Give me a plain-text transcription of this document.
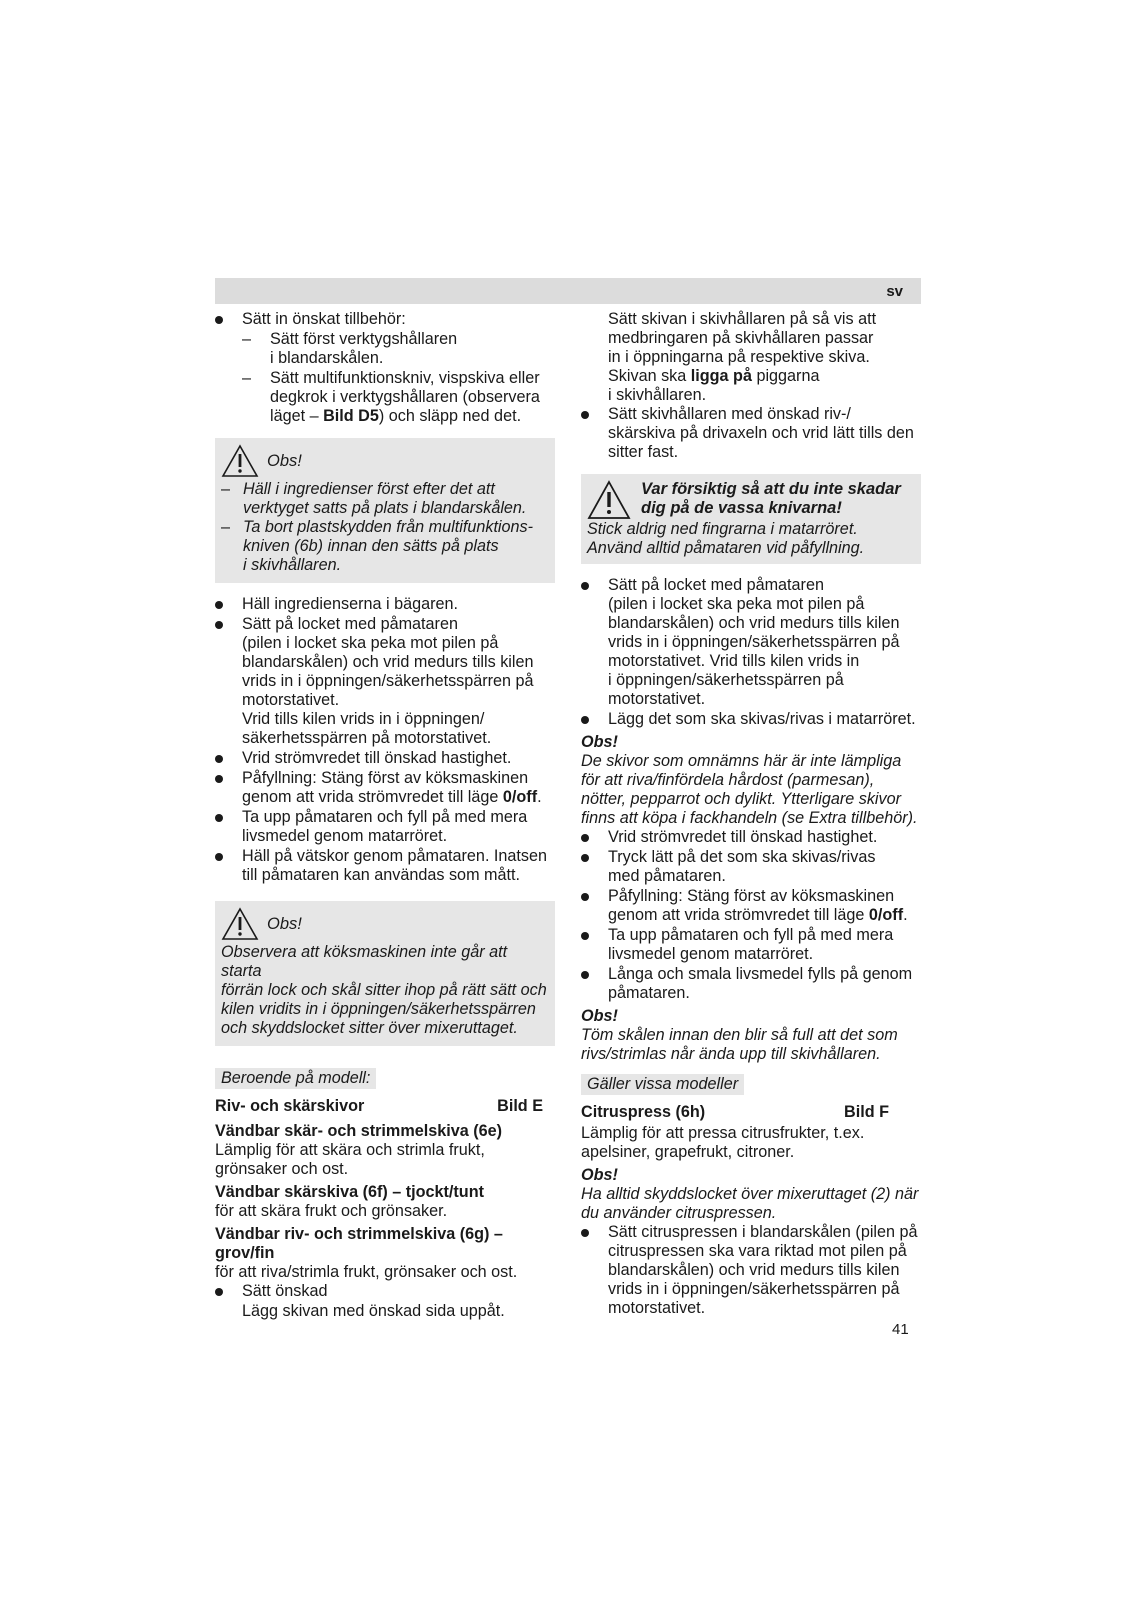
sv
Sätt in önskat tillbehör:
–	Sätt först verktygshållaren
i blandarskålen.
–	Sätt multifunktionskniv, vispskiva eller
degkrok i verktygshållaren (observera
läget – Bild D5) och släpp ned det.
Obs!
– Häll i ingredienser först efter det att
verktyget satts på plats i blandarskålen.
– Ta bort plastskydden från multifunktions-
kniven (6b) innan den sätts på plats
i skivhållaren.
Häll ingredienserna i bägaren.
Sätt på locket med påmataren
(pilen i locket ska peka mot pilen på
blandarskålen) och vrid medurs tills kilen
vrids in i öppningen/säkerhetsspärren på
motorstativet.
Vrid tills kilen vrids in i öppningen/
säkerhetsspärren på motorstativet.
Vrid strömvredet till önskad hastighet.
Påfyllning: Stäng först av köksmaskinen
genom att vrida strömvredet till läge 0/off.
Ta upp påmataren och fyll på med mera
livsmedel genom matarröret.
Häll på vätskor genom påmataren. Inatsen
till påmataren kan användas som mått.
Obs!
Observera att köksmaskinen inte går att starta
förrän lock och skål sitter ihop på rätt sätt och
kilen vridits in i öppningen/säkerhetsspärren
och skyddslocket sitter över mixeruttaget.
Beroende på modell:
Riv- och skärskivor	Bild E
Vändbar skär- och strimmelskiva (6e)
Lämplig för att skära och strimla frukt,
grönsaker och ost.
Vändbar skärskiva (6f) – tjockt/tunt
för att skära frukt och grönsaker.
Vändbar riv- och strimmelskiva (6g) –
grov/fin
för att riva/strimla frukt, grönsaker och ost.
Sätt önskad
Lägg skivan med önskad sida uppåt.
Sätt skivan i skivhållaren på så vis att
medbringaren på skivhållaren passar
in i öppningarna på respektive skiva.
Skivan ska ligga på piggarna
i skivhållaren.
Sätt skivhållaren med önskad riv-/
skärskiva på drivaxeln och vrid lätt tills den
sitter fast.
Var försiktig så att du inte skadar
dig på de vassa knivarna!
Stick aldrig ned fingrarna i matarröret.
Använd alltid påmataren vid påfyllning.
Sätt på locket med påmataren
(pilen i locket ska peka mot pilen på
blandarskålen) och vrid medurs tills kilen
vrids in i öppningen/säkerhetsspärren på
motorstativet. Vrid tills kilen vrids in
i öppningen/säkerhetsspärren på
motorstativet.
Lägg det som ska skivas/rivas i matarröret.
Obs!
De skivor som omnämns här är inte lämpliga
för att riva/finfördela hårdost (parmesan),
nötter, pepparrot och dylikt. Ytterligare skivor
finns att köpa i fackhandeln (se Extra tillbehör).
Vrid strömvredet till önskad hastighet.
Tryck lätt på det som ska skivas/rivas
med påmataren.
Påfyllning: Stäng först av köksmaskinen
genom att vrida strömvredet till läge 0/off.
Ta upp påmataren och fyll på med mera
livsmedel genom matarröret.
Långa och smala livsmedel fylls på genom
påmataren.
Obs!
Töm skålen innan den blir så full att det som
rivs/strimlas når ända upp till skivhållaren.
Gäller vissa modeller
Citruspress (6h)	Bild F
Lämplig för att pressa citrusfrukter, t.ex.
apelsiner, grapefrukt, citroner.
Obs!
Ha alltid skyddslocket över mixeruttaget (2) när
du använder citruspressen.
Sätt citruspressen i blandarskålen (pilen på
citruspressen ska vara riktad mot pilen på
blandarskålen) och vrid medurs tills kilen
vrids in i öppningen/säkerhetsspärren på
motorstativet.
41
